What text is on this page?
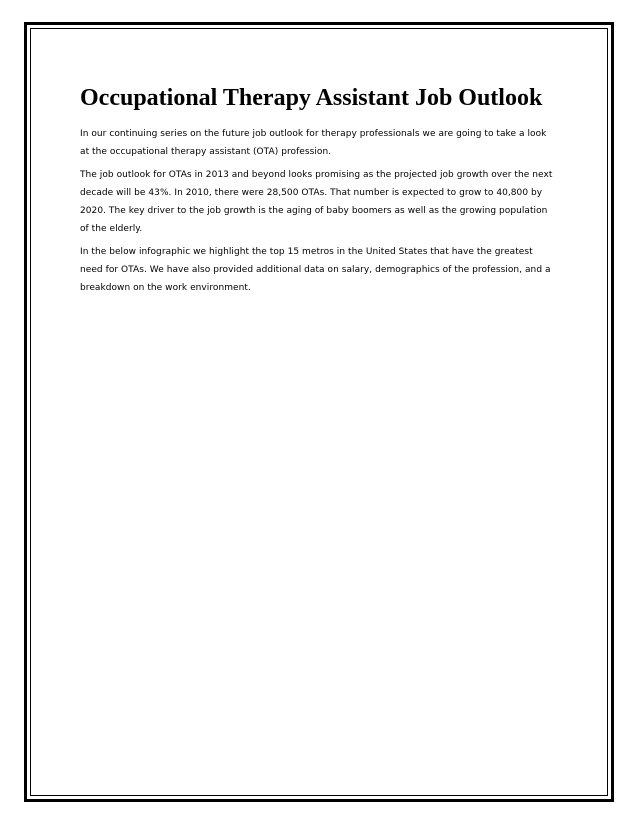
Occupational Therapy Assistant Job Outlook

In our continuing series on the future job outlook for therapy professionals we are going to take a look at the occupational therapy assistant (OTA) profession.

The job outlook for OTAs in 2013 and beyond looks promising as the projected job growth over the next decade will be 43%. In 2010, there were 28,500 OTAs. That number is expected to grow to 40,800 by 2020. The key driver to the job growth is the aging of baby boomers as well as the growing population of the elderly.

In the below infographic we highlight the top 15 metros in the United States that have the greatest need for OTAs. We have also provided additional data on salary, demographics of the profession, and a breakdown on the work environment.
